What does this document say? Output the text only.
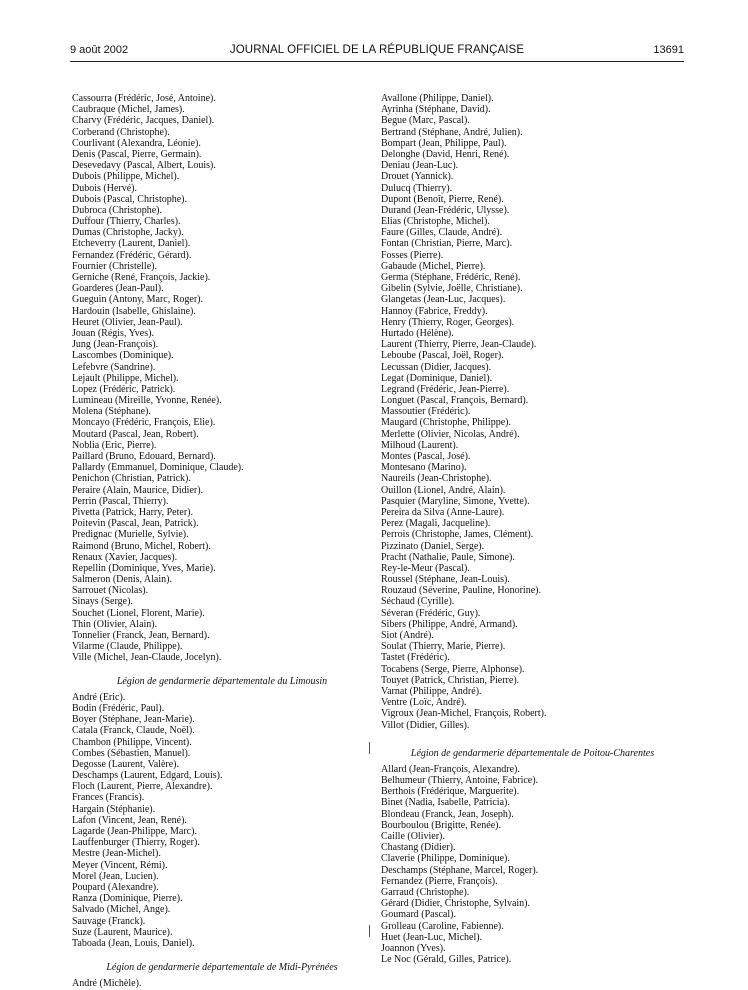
9 août 2002	JOURNAL OFFICIEL DE LA RÉPUBLIQUE FRANÇAISE	13691
Cassourra (Frédéric, José, Antoine).
Caubraque (Michel, James).
Charvy (Frédéric, Jacques, Daniel).
Corberand (Christophe).
Courlivant (Alexandra, Léonie).
Denis (Pascal, Pierre, Germain).
Desevedavy (Pascal, Albert, Louis).
Dubois (Philippe, Michel).
Dubois (Hervé).
Dubois (Pascal, Christophe).
Dubroca (Christophe).
Duffour (Thierry, Charles).
Dumas (Christophe, Jacky).
Etcheverry (Laurent, Daniel).
Fernandez (Frédéric, Gérard).
Fournier (Christelle).
Gerniche (René, François, Jackie).
Goarderes (Jean-Paul).
Gueguin (Antony, Marc, Roger).
Hardouin (Isabelle, Ghislaine).
Heuret (Olivier, Jean-Paul).
Jouan (Régis, Yves).
Jung (Jean-François).
Lascombes (Dominique).
Lefebvre (Sandrine).
Lejault (Philippe, Michel).
Lopez (Frédéric, Patrick).
Lumineau (Mireille, Yvonne, Renée).
Molena (Stéphane).
Moncayo (Frédéric, François, Elie).
Moutard (Pascal, Jean, Robert).
Noblia (Eric, Pierre).
Paillard (Bruno, Edouard, Bernard).
Pallardy (Emmanuel, Dominique, Claude).
Penichon (Christian, Patrick).
Peraire (Alain, Maurice, Didier).
Perrin (Pascal, Thierry).
Pivetta (Patrick, Harry, Peter).
Poitevin (Pascal, Jean, Patrick).
Predignac (Murielle, Sylvie).
Raimond (Bruno, Michel, Robert).
Renaux (Xavier, Jacques).
Repellin (Dominique, Yves, Marie).
Salmeron (Denis, Alain).
Sarrouet (Nicolas).
Sinays (Serge).
Souchet (Lionel, Florent, Marie).
Thin (Olivier, Alain).
Tonnelier (Franck, Jean, Bernard).
Vilarme (Claude, Philippe).
Ville (Michel, Jean-Claude, Jocelyn).
Légion de gendarmerie départementale du Limousin
André (Eric).
Bodin (Frédéric, Paul).
Boyer (Stéphane, Jean-Marie).
Catala (Franck, Claude, Noël).
Chambon (Philippe, Vincent).
Combes (Sébastien, Manuel).
Degosse (Laurent, Valère).
Deschamps (Laurent, Edgard, Louis).
Floch (Laurent, Pierre, Alexandre).
Frances (Francis).
Hargain (Stéphanie).
Lafon (Vincent, Jean, René).
Lagarde (Jean-Philippe, Marc).
Lauffenburger (Thierry, Roger).
Mestre (Jean-Michel).
Meyer (Vincent, Rémi).
Morel (Jean, Lucien).
Poupard (Alexandre).
Ranza (Dominique, Pierre).
Salvado (Michel, Ange).
Sauvage (Franck).
Suze (Laurent, Maurice).
Taboada (Jean, Louis, Daniel).
Légion de gendarmerie départementale de Midi-Pyrénées
André (Michèle).
Avallone (Philippe, Daniel).
Ayrinha (Stéphane, David).
Begue (Marc, Pascal).
Bertrand (Stéphane, André, Julien).
Bompart (Jean, Philippe, Paul).
Delonghe (David, Henri, René).
Deniau (Jean-Luc).
Drouet (Yannick).
Dulucq (Thierry).
Dupont (Benoît, Pierre, René).
Durand (Jean-Frédéric, Ulysse).
Elias (Christophe, Michel).
Faure (Gilles, Claude, André).
Fontan (Christian, Pierre, Marc).
Fosses (Pierre).
Gabaude (Michel, Pierre).
Germa (Stéphane, Frédéric, René).
Gibelin (Sylvie, Joëlle, Christiane).
Glangetas (Jean-Luc, Jacques).
Hannoy (Fabrice, Freddy).
Henry (Thierry, Roger, Georges).
Hurtado (Hélène).
Laurent (Thierry, Pierre, Jean-Claude).
Leboube (Pascal, Joël, Roger).
Lecussan (Didier, Jacques).
Legat (Dominique, Daniel).
Legrand (Frédéric, Jean-Pierre).
Longuet (Pascal, François, Bernard).
Massoutier (Frédéric).
Maugard (Christophe, Philippe).
Merlette (Olivier, Nicolas, André).
Milhoud (Laurent).
Montes (Pascal, José).
Montesano (Marino).
Naureils (Jean-Christophe).
Ouillon (Lionel, André, Alain).
Pasquier (Maryline, Simone, Yvette).
Pereira da Silva (Anne-Laure).
Perez (Magali, Jacqueline).
Perrois (Christophe, James, Clément).
Pizzinato (Daniel, Serge).
Pracht (Nathalie, Paule, Simone).
Rey-le-Meur (Pascal).
Roussel (Stéphane, Jean-Louis).
Rouzaud (Séverine, Pauline, Honorine).
Séchaud (Cyrille).
Séveran (Frédéric, Guy).
Sibers (Philippe, André, Armand).
Siot (André).
Soulat (Thierry, Marie, Pierre).
Tastet (Frédéric).
Tocabens (Serge, Pierre, Alphonse).
Touyet (Patrick, Christian, Pierre).
Varnat (Philippe, André).
Ventre (Loïc, André).
Vigroux (Jean-Michel, François, Robert).
Villot (Didier, Gilles).
Légion de gendarmerie départementale de Poitou-Charentes
Allard (Jean-François, Alexandre).
Belhumeur (Thierry, Antoine, Fabrice).
Berthois (Frédérique, Marguerite).
Binet (Nadia, Isabelle, Patricia).
Blondeau (Franck, Jean, Joseph).
Bourboulou (Brigitte, Renée).
Caille (Olivier).
Chastang (Didier).
Claverie (Philippe, Dominique).
Deschamps (Stéphane, Marcel, Roger).
Fernandez (Pierre, François).
Garraud (Christophe).
Gérard (Didier, Christophe, Sylvain).
Goumard (Pascal).
Grolleau (Caroline, Fabienne).
Huet (Jean-Luc, Michel).
Joannon (Yves).
Le Noc (Gérald, Gilles, Patrice).
